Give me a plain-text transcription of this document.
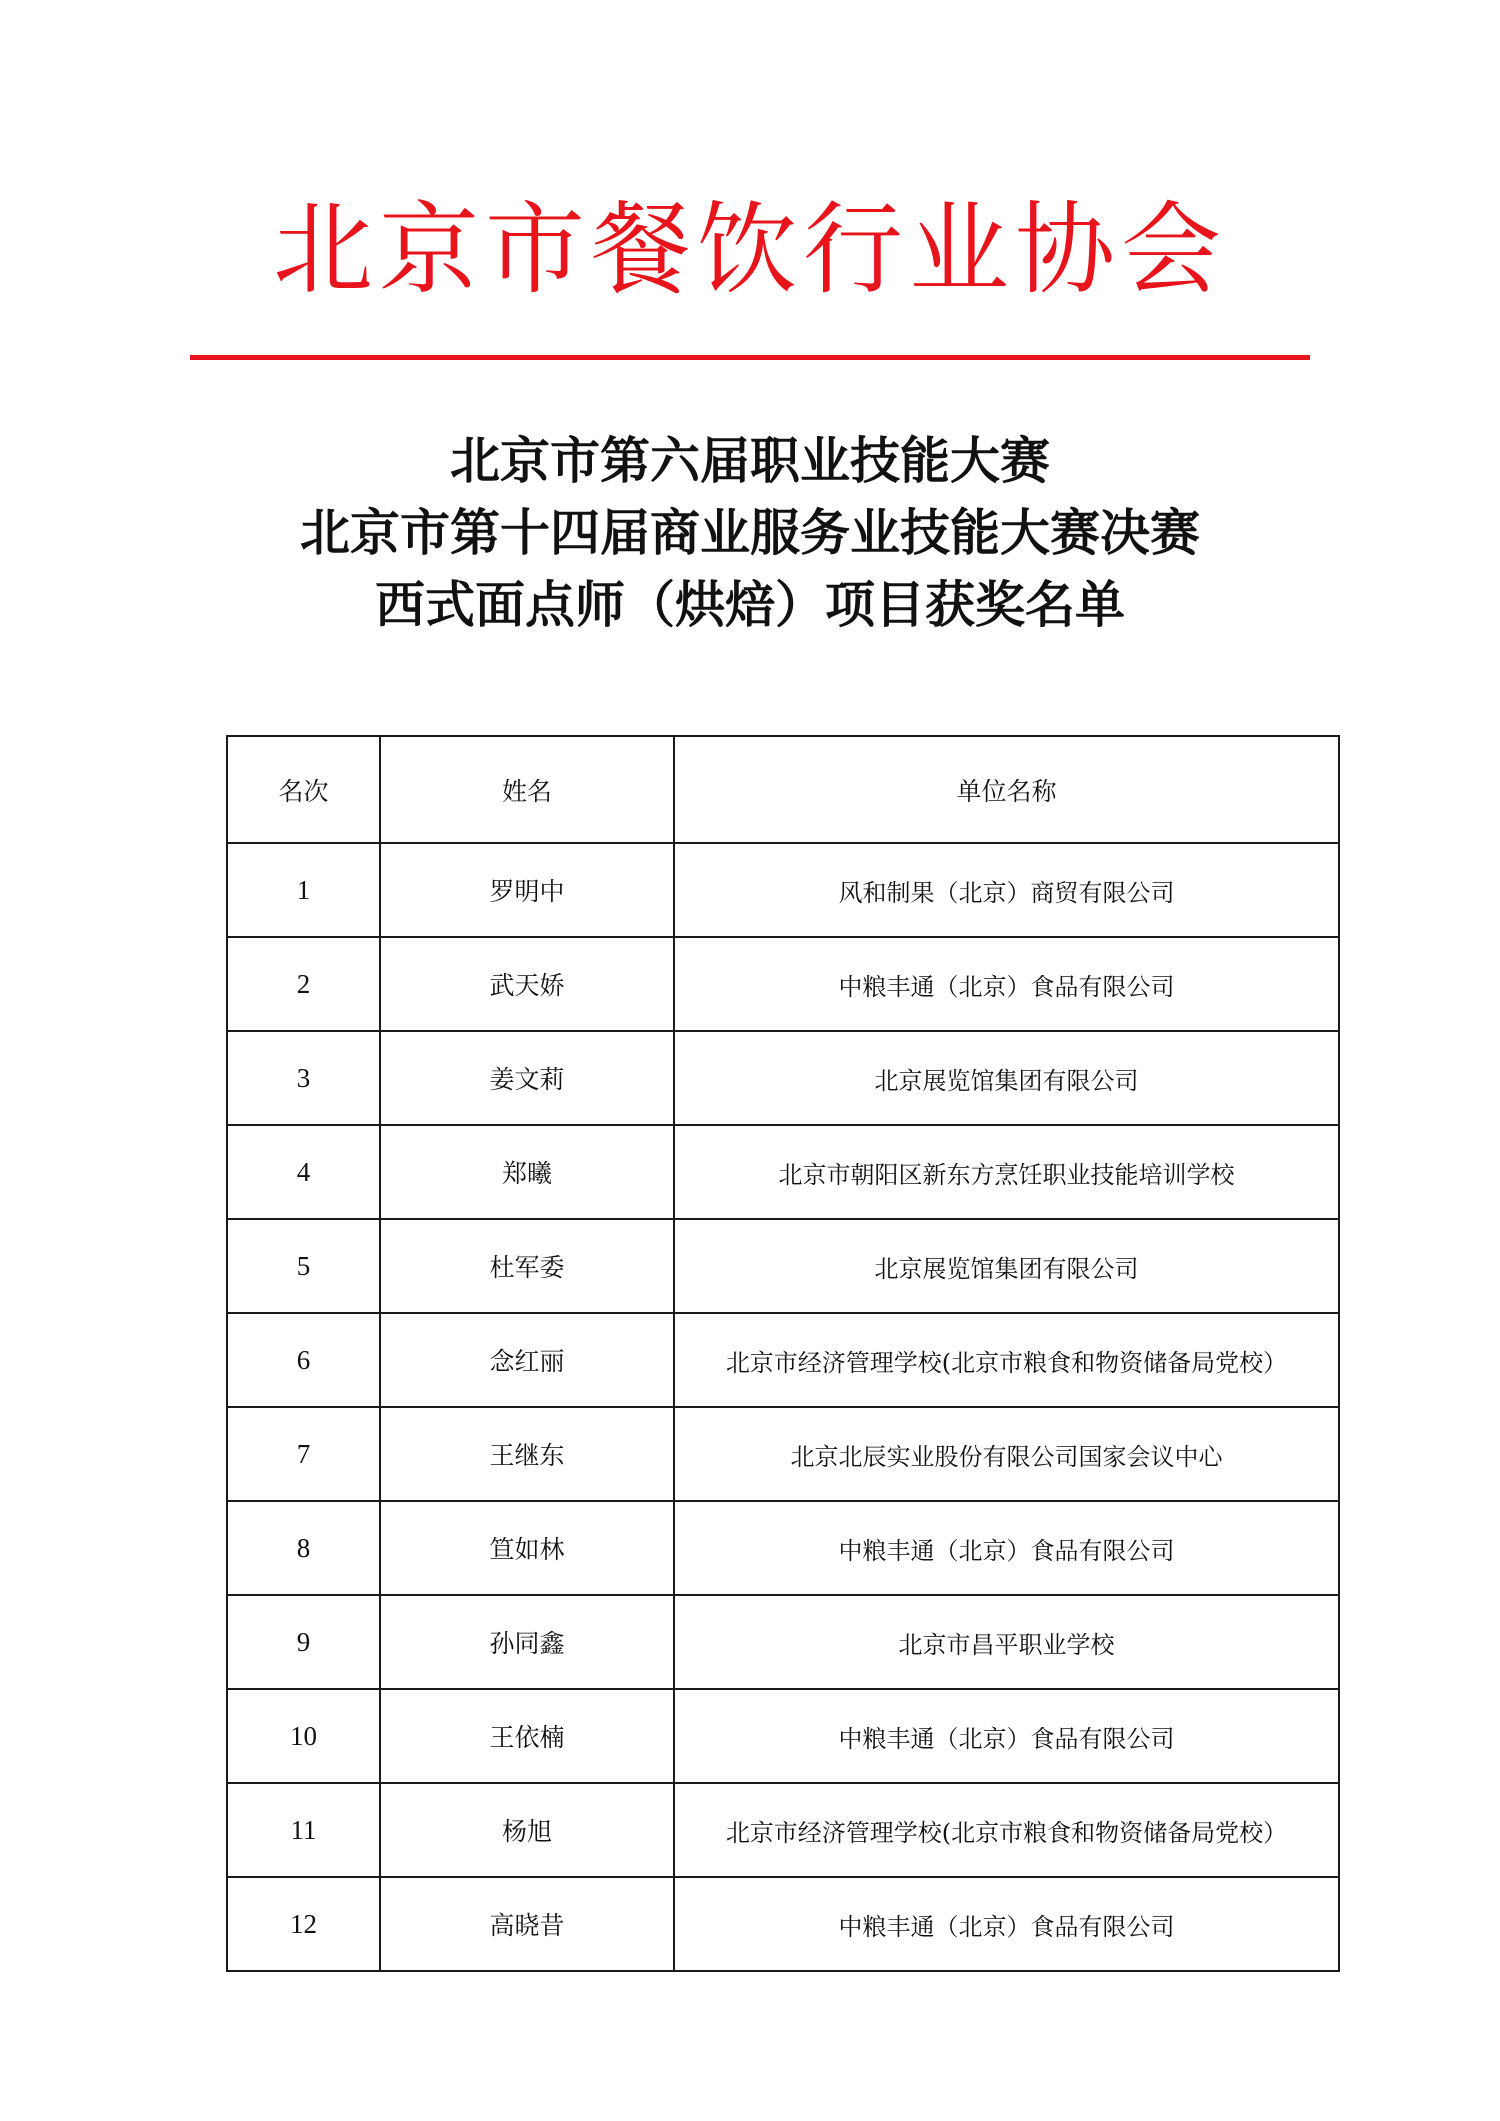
北京市餐饮行业协会
北京市第六届职业技能大赛
北京市第十四届商业服务业技能大赛决赛
西式面点师（烘焙）项目获奖名单
名次	姓名	单位名称
1	罗明中	风和制果（北京）商贸有限公司
2	武天娇	中粮丰通（北京）食品有限公司
3	姜文莉	北京展览馆集团有限公司
4	郑曦	北京市朝阳区新东方烹饪职业技能培训学校
5	杜军委	北京展览馆集团有限公司
6	念红丽	北京市经济管理学校(北京市粮食和物资储备局党校）
7	王继东	北京北辰实业股份有限公司国家会议中心
8	笪如林	中粮丰通（北京）食品有限公司
9	孙同鑫	北京市昌平职业学校
10	王依楠	中粮丰通（北京）食品有限公司
11	杨旭	北京市经济管理学校(北京市粮食和物资储备局党校）
12	高晓昔	中粮丰通（北京）食品有限公司
